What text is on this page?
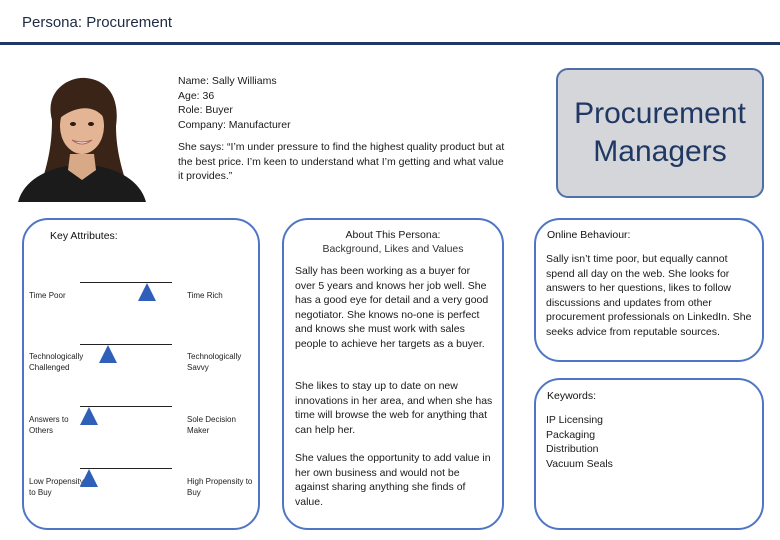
Persona: Procurement
Name: Sally Williams
Age: 36
Role: Buyer
Company: Manufacturer
She says: “I’m under pressure to find the highest quality product but at the best price. I’m keen to understand what I’m getting and what value it provides.”
Procurement
Managers
Key Attributes:
Time Poor	Time Rich
Technologically Challenged
Technologically Savvy
Answers to Others
Sole Decision Maker
Low Propensity to Buy
High Propensity to Buy
About This Persona:
Background, Likes and Values
Sally has been working as a buyer for over 5 years and knows her job well. She has a good eye for detail and a very good negotiator. She knows no-one is perfect and knows she must work with sales people to achieve her targets as a buyer.
She likes to stay up to date on new innovations in her area, and when she has time will browse the web for anything that can help her.
She values the opportunity to add value in her own business and would not be against sharing anything she finds of value.
Online Behaviour:
Sally isn’t time poor, but equally cannot spend all day on the web. She looks for answers to her questions, likes to follow discussions and updates from other procurement professionals on LinkedIn. She seeks advice from reputable sources.
Keywords:
IP Licensing
Packaging
Distribution
Vacuum Seals
